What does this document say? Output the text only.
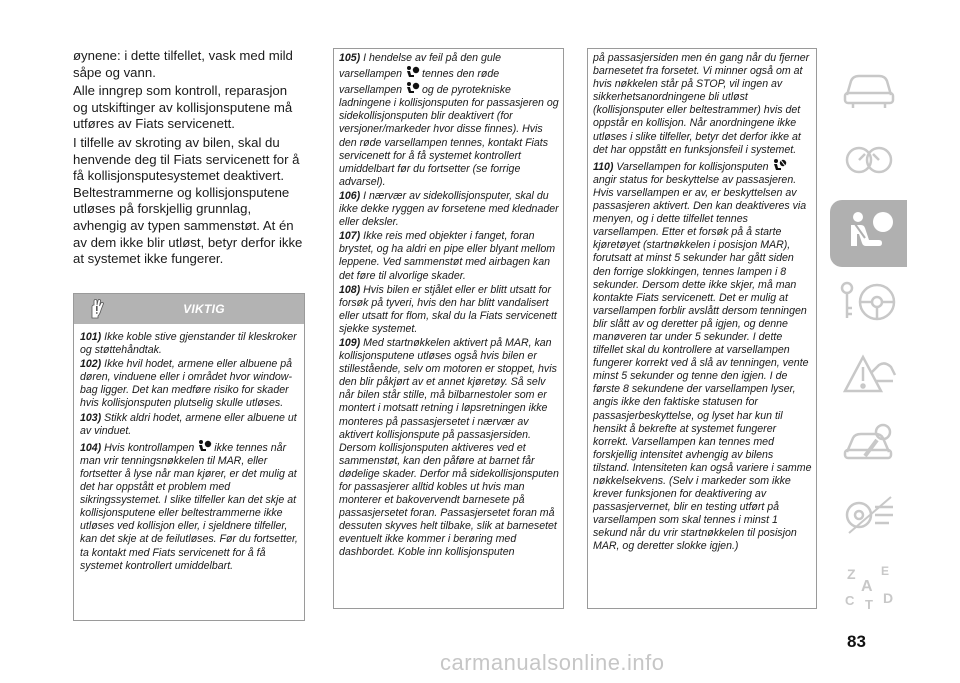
øynene: i dette tilfellet, vask med mild såpe og vann.

Alle inngrep som kontroll, reparasjon og utskiftinger av kollisjonsputene må utføres av Fiats servicenett.

I tilfelle av skroting av bilen, skal du henvende deg til Fiats servicenett for å få kollisjonsputesystemet deaktivert. Beltestrammerne og kollisjonsputene utløses på forskjellig grunnlag, avhengig av typen sammenstøt. At én av dem ikke blir utløst, betyr derfor ikke at systemet ikke fungerer.

VIKTIG

101) Ikke koble stive gjenstander til kleskroker og støttehåndtak.

102) Ikke hvil hodet, armene eller albuene på døren, vinduene eller i området hvor window-bag ligger. Det kan medføre risiko for skader hvis kollisjonsputen plutselig skulle utløses.

103) Stikk aldri hodet, armene eller albuene ut av vinduet.

104) Hvis kontrollampen ikke tennes når man vrir tenningsnøkkelen til MAR, eller fortsetter å lyse når man kjører, er det mulig at det har oppstått et problem med sikringssystemet. I slike tilfeller kan det skje at kollisjonsputene eller beltestrammerne ikke utløses ved kollisjon eller, i sjeldnere tilfeller, kan det skje at de feilutløses. Før du fortsetter, ta kontakt med Fiats servicenett for å få systemet kontrollert umiddelbart.

105) I hendelse av feil på den gule varsellampen tennes den røde varsellampen og de pyrotekniske ladningene i kollisjonsputen for passasjeren og sidekollisjonsputen blir deaktivert (for versjoner/markeder hvor disse finnes). Hvis den røde varsellampen tennes, kontakt Fiats servicenett for å få systemet kontrollert umiddelbart før du fortsetter (se forrige advarsel).

106) I nærvær av sidekollisjonsputer, skal du ikke dekke ryggen av forsetene med klednader eller deksler.

107) Ikke reis med objekter i fanget, foran brystet, og ha aldri en pipe eller blyant mellom leppene. Ved sammenstøt med airbagen kan det føre til alvorlige skader.

108) Hvis bilen er stjålet eller er blitt utsatt for forsøk på tyveri, hvis den har blitt vandalisert eller utsatt for flom, skal du la Fiats servicenett sjekke systemet.

109) Med startnøkkelen aktivert på MAR, kan kollisjonsputene utløses også hvis bilen er stillestående, selv om motoren er stoppet, hvis den blir påkjørt av et annet kjøretøy. Så selv når bilen står stille, må bilbarnestoler som er montert i motsatt retning i løpsretningen ikke monteres på passasjersetet i nærvær av aktivert kollisjonspute på passasjersiden. Dersom kollisjonsputen aktiveres ved et sammenstøt, kan den påføre at barnet får dødelige skader. Derfor må sidekollisjonsputen for passasjerer alltid kobles ut hvis man monterer et bakovervendt barnesete på passasjersetet foran. Passasjersetet foran må dessuten skyves helt tilbake, slik at barnesetet eventuelt ikke kommer i berøring med dashbordet. Koble inn kollisjonsputen

på passasjersiden men én gang når du fjerner barnesetet fra forsetet. Vi minner også om at hvis nøkkelen står på STOP, vil ingen av sikkerhetsanordningene bli utløst (kollisjonsputer eller beltestrammer) hvis det oppstår en kollisjon. Når anordningene ikke utløses i slike tilfeller, betyr det derfor ikke at det har oppstått en funksjonsfeil i systemet.

110) Varsellampen for kollisjonsputenangir status for beskyttelse av passasjeren. Hvis varsellampen er av, er beskyttelsen av passasjeren aktivert. Den kan deaktiveres via menyen, og i dette tilfellet tennes varsellampen. Etter et forsøk på å starte kjøretøyet (startnøkkelen i posisjon MAR), forutsatt at minst 5 sekunder har gått siden den forrige slokkingen, tennes lampen i 8 sekunder. Dersom dette ikke skjer, må man kontakte Fiats servicenett. Det er mulig at varsellampen forblir avslått dersom tenningen blir slått av og deretter på igjen, og denne manøveren tar under 5 sekunder. I dette tilfellet skal du kontrollere at varsellampen fungerer korrekt ved å slå av tenningen, vente minst 5 sekunder og tenne den igjen. I de første 8 sekundene der varsellampen lyser, angis ikke den faktiske statusen for passasjerbeskyttelse, og lyset har kun til hensikt å bekrefte at systemet fungerer korrekt. Varsellampen kan tennes med forskjellig intensitet avhengig av bilens tilstand. Intensiteten kan også variere i samme nøkkelsekvens. (Selv i markeder som ikke krever funksjonen for deaktivering av passasjervernet, blir en testing utført på varsellampen som skal tennes i minst 1 sekund når du vrir startnøkkelen til posisjon MAR, og deretter slokke igjen.)

Z E
A
C T D
83
carmanualsonline.info
